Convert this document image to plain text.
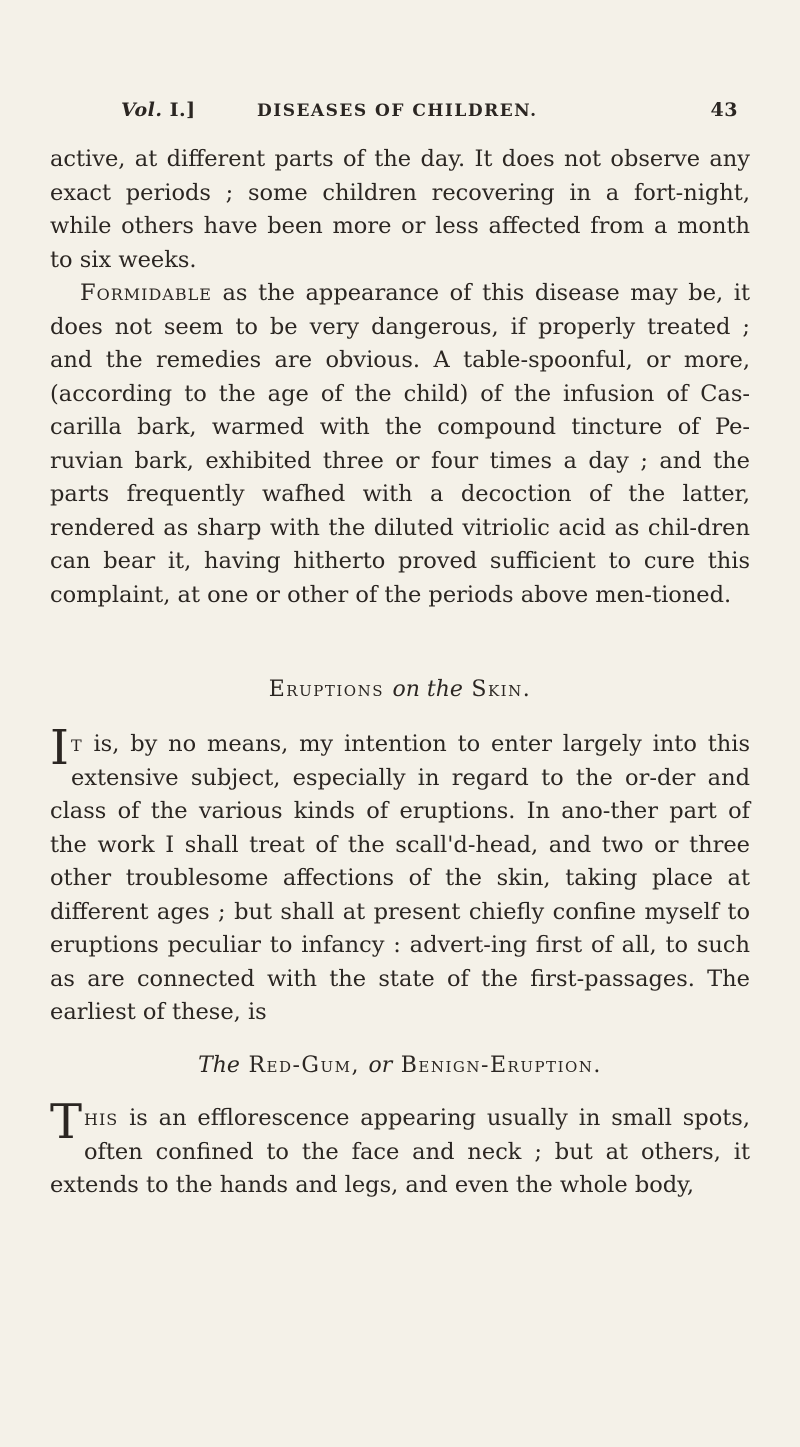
Vol. I.]	DISEASES OF CHILDREN.	43

active, at different parts of the day. It does not observe any exact periods ; some children recovering in a fort-night, while others have been more or less affected from a month to six weeks.

Formidable as the appearance of this disease may be, it does not seem to be very dangerous, if properly treated ; and the remedies are obvious. A table-spoonful, or more, (according to the age of the child) of the infusion of Cas-carilla bark, warmed with the compound tincture of Pe-ruvian bark, exhibited three or four times a day ; and the parts frequently wafhed with a decoction of the latter, rendered as sharp with the diluted vitriolic acid as chil-dren can bear it, having hitherto proved sufficient to cure this complaint, at one or other of the periods above men-tioned.

Eruptions on the Skin.

It is, by no means, my intention to enter largely into this extensive subject, especially in regard to the or-der and class of the various kinds of eruptions. In ano-ther part of the work I shall treat of the scall'd-head, and two or three other troublesome affections of the skin, taking place at different ages ; but shall at present chiefly confine myself to eruptions peculiar to infancy : advert-ing first of all, to such as are connected with the state of the first-passages. The earliest of these, is

The Red-Gum, or Benign-Eruption.

This is an efflorescence appearing usually in small spots, often confined to the face and neck ; but at others, it extends to the hands and legs, and even the whole body,
